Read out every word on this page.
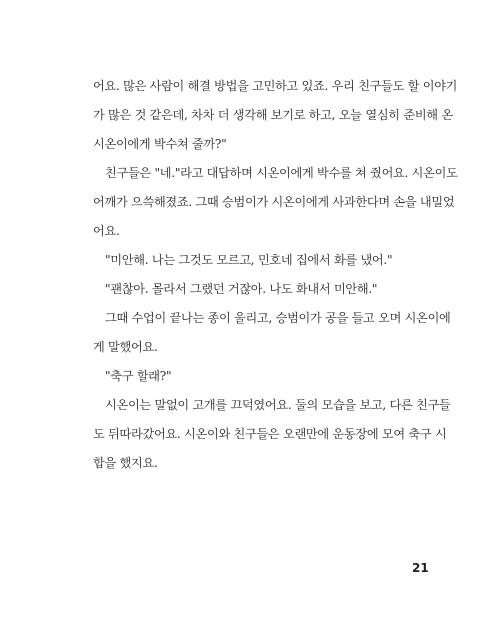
어요. 많은 사람이 해결 방법을 고민하고 있죠. 우리 친구들도 할 이야기
가 많은 것 같은데, 차차 더 생각해 보기로 하고, 오늘 열심히 준비해 온
시온이에게 박수쳐 줄까?"
친구들은 "네."라고 대답하며 시온이에게 박수를 쳐 줬어요. 시온이도
어깨가 으쓱해졌죠. 그때 승범이가 시온이에게 사과한다며 손을 내밀었
어요.
"미안해. 나는 그것도 모르고, 민호네 집에서 화를 냈어."
"괜찮아. 몰라서 그랬던 거잖아. 나도 화내서 미안해."
그때 수업이 끝나는 종이 울리고, 승범이가 공을 들고 오며 시온이에
게 말했어요.
"축구 할래?"
시온이는 말없이 고개를 끄덕였어요. 둘의 모습을 보고, 다른 친구들
도 뒤따라갔어요. 시온이와 친구들은 오랜만에 운동장에 모여 축구 시
합을 했지요.
21
